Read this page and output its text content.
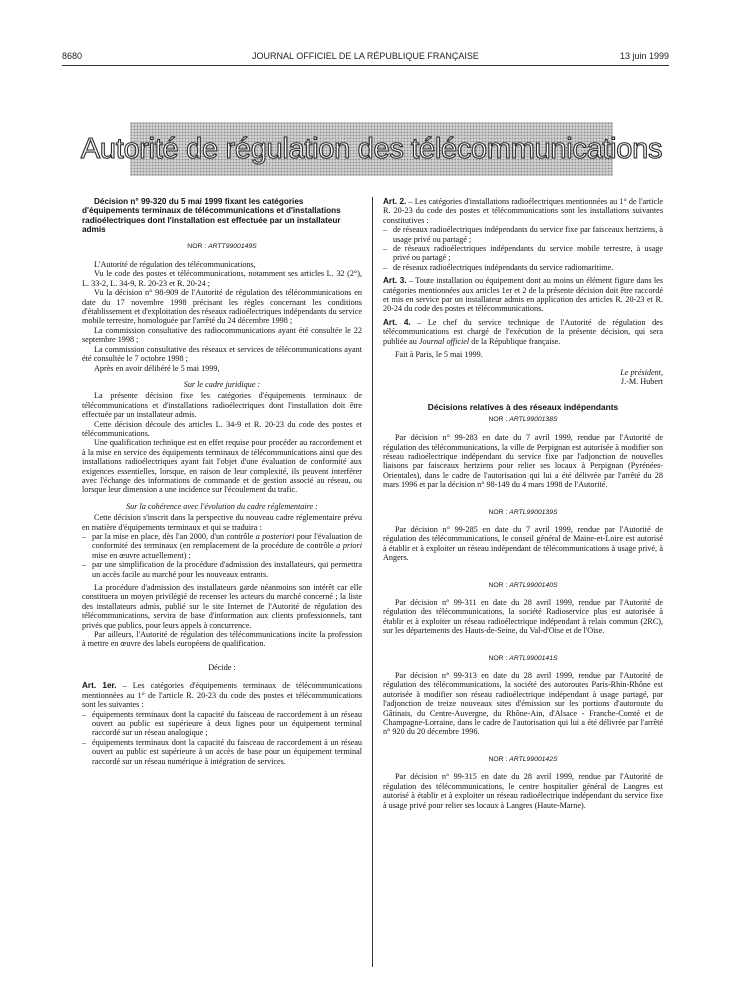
8680	JOURNAL OFFICIEL DE LA RÉPUBLIQUE FRANÇAISE	13 juin 1999
Autorité de régulation des télécommunications

Décision n° 99-320 du 5 mai 1999 fixant les catégories d'équipements terminaux de télécommunications et d'installations radioélectriques dont l'installation est effectuée par un installateur admis

NOR : ARTT9900149S

L'Autorité de régulation des télécommunications,

Vu le code des postes et télécommunications, notamment ses articles L. 32 (2°), L. 33-2, L. 34-9, R. 20-23 et R. 20-24 ;

Vu la décision n° 98-909 de l'Autorité de régulation des télécommunications en date du 17 novembre 1998 précisant les règles concernant les conditions d'établissement et d'exploitation des réseaux radioélectriques indépendants du service mobile terrestre, homologuée par l'arrêté du 24 décembre 1998 ;

La commission consultative des radiocommunications ayant été consultée le 22 septembre 1998 ;

La commission consultative des réseaux et services de télécommunications ayant été consultée le 7 octobre 1998 ;

Après en avoir délibéré le 5 mai 1999,

Sur le cadre juridique :

La présente décision fixe les catégories d'équipements terminaux de télécommunications et d'installations radioélectriques dont l'installation doit être effectuée par un installateur admis.

Cette décision découle des articles L. 34-9 et R. 20-23 du code des postes et télécommunications.

Une qualification technique est en effet requise pour procéder au raccordement et à la mise en service des équipements terminaux de télécommunications ainsi que des installations radioélectriques ayant fait l'objet d'une évaluation de conformité aux exigences essentielles, lorsque, en raison de leur complexité, ils peuvent interférer avec l'échange des informations de commande et de gestion associé au réseau, ou lorsque leur dimension a une incidence sur l'écoulement du trafic.

Sur la cohérence avec l'évolution du cadre réglementaire :

Cette décision s'inscrit dans la perspective du nouveau cadre réglementaire prévu en matière d'équipements terminaux et qui se traduira :

– par la mise en place, dès l'an 2000, d'un contrôle a posteriori pour l'évaluation de conformité des terminaux (en remplacement de la procédure de contrôle a priori mise en œuvre actuellement) ;
– par une simplification de la procédure d'admission des installateurs, qui permettra un accès facile au marché pour les nouveaux entrants.

La procédure d'admission des installateurs garde néanmoins son intérêt car elle constituera un moyen privilégié de recenser les acteurs du marché concerné ; la liste des installateurs admis, publié sur le site Internet de l'Autorité de régulation des télécommunications, servira de base d'information aux clients professionnels, tant privés que publics, pour leurs appels à concurrence.

Par ailleurs, l'Autorité de régulation des télécommunications incite la profession à mettre en œuvre des labels européens de qualification.

Décide :

Art. 1er. – Les catégories d'équipements terminaux de télécommunications mentionnées au 1° de l'article R. 20-23 du code des postes et télécommunications sont les suivantes :

– équipements terminaux dont la capacité du faisceau de raccordement à un réseau ouvert au public est supérieure à deux lignes pour un équipement terminal raccordé sur un réseau analogique ;
– équipements terminaux dont la capacité du faisceau de raccordement à un réseau ouvert au public est supérieure à un accès de base pour un équipement terminal raccordé sur un réseau numérique à intégration de services.

Art. 2. – Les catégories d'installations radioélectriques mentionnées au 1° de l'article R. 20-23 du code des postes et télécommunications sont les installations suivantes constitutives :

– de réseaux radioélectriques indépendants du service fixe par faisceaux hertziens, à usage privé ou partagé ;
– de réseaux radioélectriques indépendants du service mobile terrestre, à usage privé ou partagé ;
– de réseaux radioélectriques indépendants du service radiomaritime.

Art. 3. – Toute installation ou équipement dont au moins un élément figure dans les catégories mentionnées aux articles 1er et 2 de la présente décision doit être raccordé et mis en service par un installateur admis en application des articles R. 20-23 et R. 20-24 du code des postes et télécommunications.

Art. 4. – Le chef du service technique de l'Autorité de régulation des télécommunications est chargé de l'exécution de la présente décision, qui sera publiée au Journal officiel de la République française.

Fait à Paris, le 5 mai 1999.

Le président,

J.-M. Hubert

Décisions relatives à des réseaux indépendants

NOR : ARTL9900138S

Par décision n° 99-283 en date du 7 avril 1999, rendue par l'Autorité de régulation des télécommunications, la ville de Perpignan est autorisée à modifier son réseau radioélectrique indépendant du service fixe par l'adjonction de nouvelles liaisons par faisceaux hertziens pour relier ses locaux à Perpignan (Pyrénées-Orientales), dans le cadre de l'autorisation qui lui a été délivrée par l'arrêté du 28 mars 1996 et par la décision n° 98-149 du 4 mars 1998 de l'Autorité.

NOR : ARTL9900139S

Par décision n° 99-285 en date du 7 avril 1999, rendue par l'Autorité de régulation des télécommunications, le conseil général de Maine-et-Loire est autorisé à établir et à exploiter un réseau indépendant de télécommunications à usage privé, à Angers.

NOR : ARTL9900140S

Par décision n° 99-311 en date du 28 avril 1999, rendue par l'Autorité de régulation des télécommunications, la société Radioservice plus est autorisée à établir et à exploiter un réseau radioélectrique indépendant à relais commun (2RC), sur les départements des Hauts-de-Seine, du Val-d'Oise et de l'Oise.

NOR : ARTL9900141S

Par décision n° 99-313 en date du 28 avril 1999, rendue par l'Autorité de régulation des télécommunications, la société des autoroutes Paris-Rhin-Rhône est autorisée à modifier son réseau radioélectrique indépendant à usage partagé, par l'adjonction de treize nouveaux sites d'émission sur les portions d'autoroute du Gâtinais, du Centre-Auvergne, du Rhône-Ain, d'Alsace - Franche-Comté et de Champagne-Lorraine, dans le cadre de l'autorisation qui lui a été délivrée par l'arrêté n° 920 du 20 décembre 1996.

NOR : ARTL9900142S

Par décision n° 99-315 en date du 28 avril 1999, rendue par l'Autorité de régulation des télécommunications, le centre hospitalier général de Langres est autorisé à établir et à exploiter un réseau radioélectrique indépendant du service fixe à usage privé pour relier ses locaux à Langres (Haute-Marne).
